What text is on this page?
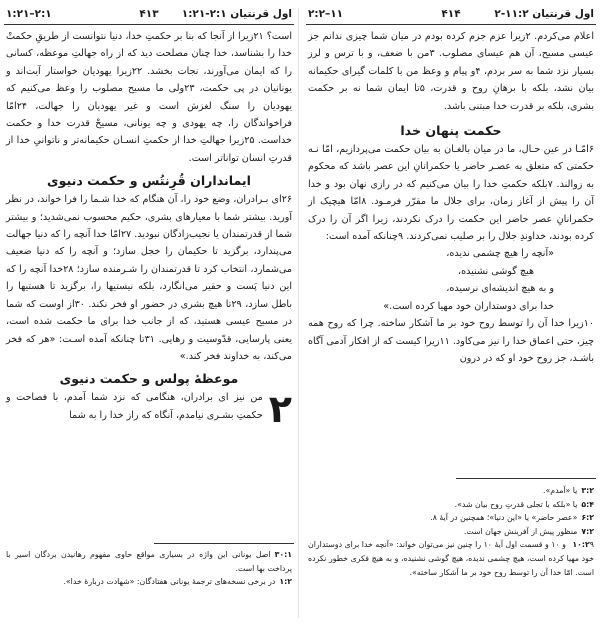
اول قرنتیان ۱:‏۲۱-۲:‏۱
۴۱۳
۱:۲۱–۲:۱

است؟ ۲۱زیرا از آنجا که بنا بر حکمتِ خدا، دنیا نتوانست از طریقِ حکمتْ خدا را بشناسد، خدا چنان مصلحت دید که از راه جهالتِ موعظه، کسانی را که ایمان می‌آورند، نجات بخشد. ۲۲زیرا یهودیان خواستار آیت‌اند و یونانیان در پی حکمت، ۲۳ولی ما مسیح مصلوب را وعظ می‌کنیم که یهودیان را سنگ لغزش است و غیر یهودیان را جهالت، ۲۴امّا فراخواندگان را، چه یهودی و چه یونانی، مسیحْ قدرت خدا و حکمت خداست. ۲۵زیرا جهالتِ خدا از حکمتِ انسـان حکیمانه‌تر و ناتوانیِ خدا از قدرتِ انسان تواناتر است.

ایمانداران قُرِنتُس و حکمت دنیوی

۲۶ای بـرادران، وضع خود را، آن هنگام که خدا شـما را فرا خواند، در نظر آورید. بیشتر شما با معیارهای بشری، حکیم محسوب نمی‌شدید؛ و بیشتر شما از قدرتمندان یا نجیب‌زادگان نبودید. ۲۷امّا خدا آنچه را که دنیا جهالت می‌پندارد، برگزید تا حکیمان را خجل سازد؛ و آنچه را که دنیا ضعیف می‌شمارد، انتخاب کرد تا قدرتمندان را شـرمنده سازد؛ ۲۸خدا آنچه را که این دنیا پَست و حقیر می‌انگارد، بلکه نیستیها را، برگزید تا هستیها را باطل سازد، ۲۹تا هیچ بشری در حضور او فخر نکند. ۳۰از اوست که شما در مسیح عیسی هستید، که از جانب خدا برای ما حکمت شده است، یعنی پارسایی، قدّوسیت و رهایی. ۳۱تا چنانکه آمده اسـت: «هر که فخر می‌کند، به خداوند فخر کند.»

موعظهٔ پولس و حکمت دنیوی

۲
من نیز ای برادران، هنگامی که نزد شما آمدم، با فصاحت و حکمتِ بشـری نیامدم، آنگاه که راز خدا را به شما

۳۰:۱اصل یونانی این واژه در بسیاری مواقع حاوی مفهوم رهانیدن بردگان اسیر با پرداخت بها است.

۱:۲در برخی نسخه‌های ترجمهٔ یونانی هفتادگان: «شهادت دربارهٔ خدا».

اول قرنتیان ۲:‏۲-۱۱
۴۱۴
۲:۲–۱۱

اعلام می‌کردم. ۲زیرا عزم جزم کرده بودم در میان شما چیزی ندانم جز عیسی مسیح، آن هم عیسای مصلوب. ۳من با ضعف، و با ترس و لرز بسیار نزد شما به سر بردم، ۴و پیام و وعظ من با کلمات گیرای حکیمانه بیان نشد، بلکه با برهانِ روح و قدرت، ۵تا ایمان شما نه بر حکمت بشری، بلکه بر قدرت خدا مبتنی باشد.

حکمت پنهان خدا

۶امّـا در عین حـال، ما در میان بالغـان به بیان حکمت می‌پردازیم، امّا نـه حکمتی که متعلق به عصـر حاضر یا حکمرانانِ این عصر باشد که محکوم به زوالند. ۷بلکه حکمتِ خدا را بیان می‌کنیم که در رازی نهان بود و خدا آن را پیش از آغاز زمان، برای جلال ما مقرّر فرمـود. ۸امّا هیچیک از حکمرانانِ عصر حاضر این حکمت را درک نکردند، زیرا اگر آن را درک کرده بودند، خداوندِ جلال را بر صلیب نمی‌کردند. ۹چنانکه آمده است:

«آنچه را هیچ چشمی ندیده،
هیچ گوشی نشنیده،
و به هیچ اندیشه‌ای نرسیده،
خدا برای دوستداران خود مهیا کرده است.»

۱۰زیرا خدا آن را توسط روح خود بر ما آشکار ساخته. چرا که روح همه چیز، حتی اعماق خدا را نیز می‌کاود. ۱۱زیرا کیست که از افکار آدمی آگاه باشـد، جز روح خود او که در درون

۳:۲یا «آمدم».

۵:۴یا «بلکه با تجلی قدرتِ روح بیان شد».

۶:۲«عصر حاضر» یا «این دنیا»؛ همچنین در آیهٔ ۸.

۷:۲منظور پیش از آفرینش جهان است.

۱۰:۲۹ و ۱۰ و قسمت اول آیهٔ ۱۰ را چنین نیز می‌توان خواند: «آنچه خدا برای دوستداران خود مهیا کرده است، هیچ چشمی ندیده، هیچ گوشی نشنیده، و به هیچ فکری خطور نکرده است. امّا خدا آن را توسط روح خود بر ما آشکار ساخته».
